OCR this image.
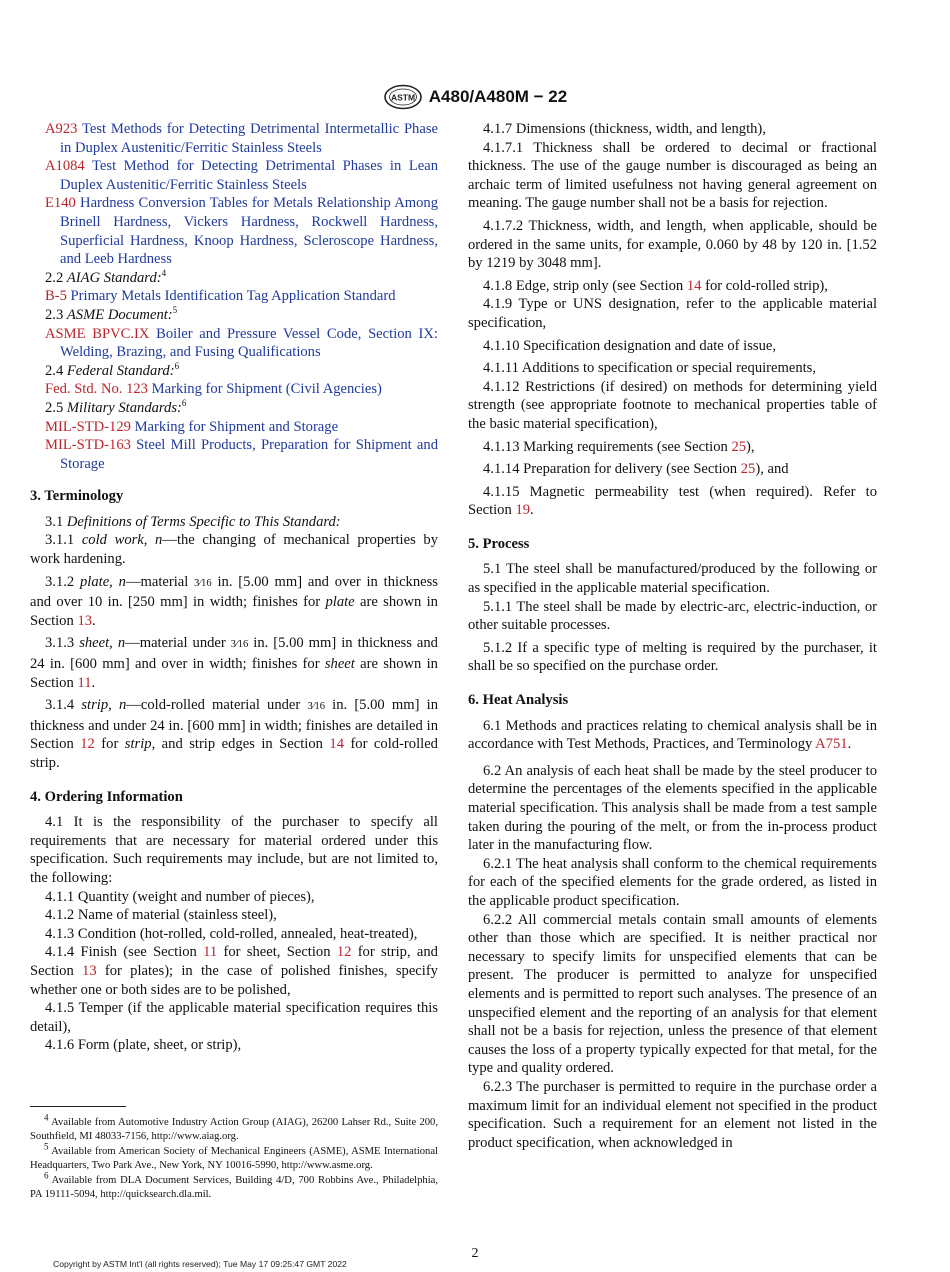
ASTM A480/A480M − 22

A923 Test Methods for Detecting Detrimental Intermetallic Phase in Duplex Austenitic/Ferritic Stainless Steels

A1084 Test Method for Detecting Detrimental Phases in Lean Duplex Austenitic/Ferritic Stainless Steels

E140 Hardness Conversion Tables for Metals Relationship Among Brinell Hardness, Vickers Hardness, Rockwell Hardness, Superficial Hardness, Knoop Hardness, Scleroscope Hardness, and Leeb Hardness

2.2 AIAG Standard:$^4$

B-5 Primary Metals Identification Tag Application Standard

2.3 ASME Document:$^5$

ASME BPVC.IX Boiler and Pressure Vessel Code, Section IX: Welding, Brazing, and Fusing Qualifications

2.4 Federal Standard:$^6$

Fed. Std. No. 123 Marking for Shipment (Civil Agencies)

2.5 Military Standards:$^6$

MIL-STD-129 Marking for Shipment and Storage

MIL-STD-163 Steel Mill Products, Preparation for Shipment and Storage

3. Terminology

3.1 Definitions of Terms Specific to This Standard:

3.1.1 cold work, n—the changing of mechanical properties by work hardening.

3.1.2 plate, n—material 3⁄16 in. [5.00 mm] and over in thickness and over 10 in. [250 mm] in width; finishes for plate are shown in Section 13.

3.1.3 sheet, n—material under 3⁄16 in. [5.00 mm] in thickness and 24 in. [600 mm] and over in width; finishes for sheet are shown in Section 11.

3.1.4 strip, n—cold-rolled material under 3⁄16 in. [5.00 mm] in thickness and under 24 in. [600 mm] in width; finishes are detailed in Section 12 for strip, and strip edges in Section 14 for cold-rolled strip.

4. Ordering Information

4.1 It is the responsibility of the purchaser to specify all requirements that are necessary for material ordered under this specification. Such requirements may include, but are not limited to, the following:

4.1.1 Quantity (weight and number of pieces),

4.1.2 Name of material (stainless steel),

4.1.3 Condition (hot-rolled, cold-rolled, annealed, heat-treated),

4.1.4 Finish (see Section 11 for sheet, Section 12 for strip, and Section 13 for plates); in the case of polished finishes, specify whether one or both sides are to be polished,

4.1.5 Temper (if the applicable material specification requires this detail),

4.1.6 Form (plate, sheet, or strip),

4.1.7 Dimensions (thickness, width, and length),

4.1.7.1 Thickness shall be ordered to decimal or fractional thickness. The use of the gauge number is discouraged as being an archaic term of limited usefulness not having general agreement on meaning. The gauge number shall not be a basis for rejection.

4.1.7.2 Thickness, width, and length, when applicable, should be ordered in the same units, for example, 0.060 by 48 by 120 in. [1.52 by 1219 by 3048 mm].

4.1.8 Edge, strip only (see Section 14 for cold-rolled strip),

4.1.9 Type or UNS designation, refer to the applicable material specification,

4.1.10 Specification designation and date of issue,

4.1.11 Additions to specification or special requirements,

4.1.12 Restrictions (if desired) on methods for determining yield strength (see appropriate footnote to mechanical properties table of the basic material specification),

4.1.13 Marking requirements (see Section 25),

4.1.14 Preparation for delivery (see Section 25), and

4.1.15 Magnetic permeability test (when required). Refer to Section 19.

5. Process

5.1 The steel shall be manufactured/produced by the following or as specified in the applicable material specification.

5.1.1 The steel shall be made by electric-arc, electric-induction, or other suitable processes.

5.1.2 If a specific type of melting is required by the purchaser, it shall be so specified on the purchase order.

6. Heat Analysis

6.1 Methods and practices relating to chemical analysis shall be in accordance with Test Methods, Practices, and Terminology A751.

6.2 An analysis of each heat shall be made by the steel producer to determine the percentages of the elements specified in the applicable material specification. This analysis shall be made from a test sample taken during the pouring of the melt, or from the in-process product later in the manufacturing flow.

6.2.1 The heat analysis shall conform to the chemical requirements for each of the specified elements for the grade ordered, as listed in the applicable product specification.

6.2.2 All commercial metals contain small amounts of elements other than those which are specified. It is neither practical nor necessary to specify limits for unspecified elements that can be present. The producer is permitted to analyze for unspecified elements and is permitted to report such analyses. The presence of an unspecified element and the reporting of an analysis for that element shall not be a basis for rejection, unless the presence of that element causes the loss of a property typically expected for that metal, for the type and quality ordered.

6.2.3 The purchaser is permitted to require in the purchase order a maximum limit for an individual element not specified in the product specification. Such a requirement for an element not listed in the product specification, when acknowledged in

$^4$ Available from Automotive Industry Action Group (AIAG), 26200 Lahser Rd., Suite 200, Southfield, MI 48033-7156, http://www.aiag.org.

$^5$ Available from American Society of Mechanical Engineers (ASME), ASME International Headquarters, Two Park Ave., New York, NY 10016-5990, http://www.asme.org.

$^6$ Available from DLA Document Services, Building 4/D, 700 Robbins Ave., Philadelphia, PA 19111-5094, http://quicksearch.dla.mil.

2
Copyright by ASTM Int'l (all rights reserved); Tue May 17 09:25:47 GMT 2022
